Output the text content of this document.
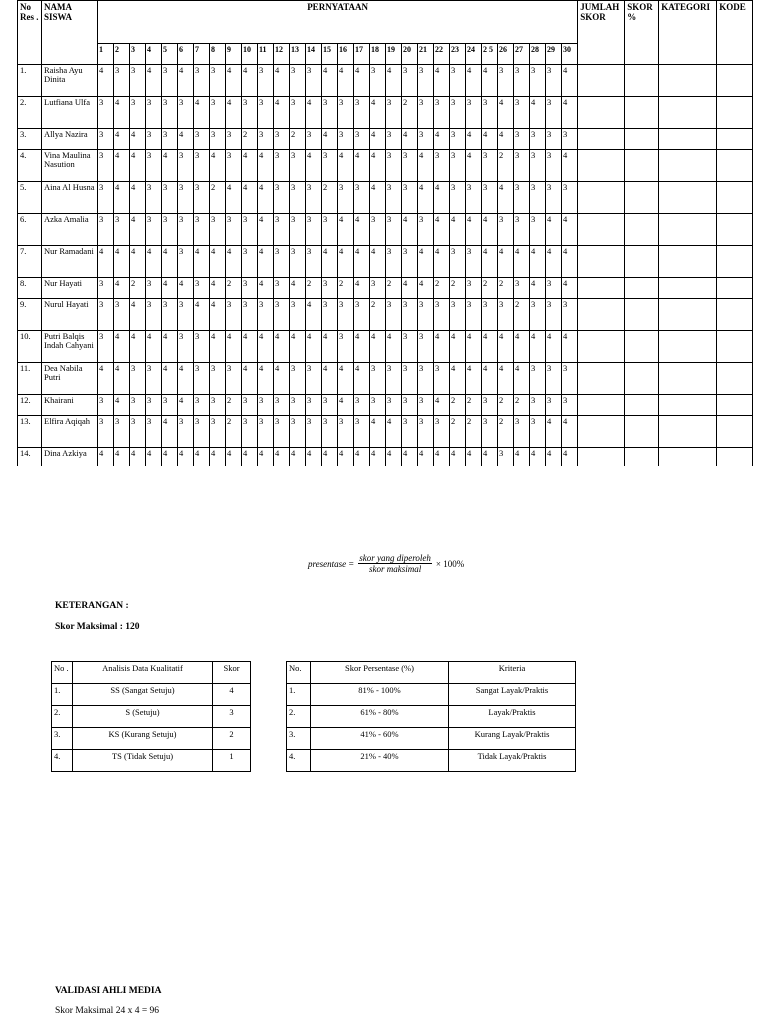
No Res .	NAMA SISWA	PERNYATAAN																														JUMLAH SKOR	SKOR %	KATEGORI	KODE
		1	2	3	4	5	6	7	8	9	10	11	12	13	14	15	16	17	18	19	20	21	22	23	24	2 5	26	27	28	29	30				
1.	Raisha Ayu Dinita	4	3	3	4	3	4	3	3	4	4	3	4	3	3	4	4	4	3	4	3	3	4	3	4	4	3	3	3	3	4				
2.	Lutfiana Ulfa	3	4	3	3	3	3	4	3	4	3	3	4	3	4	3	3	3	4	3	2	3	3	3	3	3	4	3	4	3	4				
3.	Allya Nazira	3	4	4	3	3	4	3	3	3	2	3	3	2	3	4	3	3	4	3	4	3	4	3	4	4	4	3	3	3	3				
4.	Vina Maulina Nasution	3	4	4	3	4	3	3	4	3	4	4	3	3	4	3	4	4	4	3	3	4	3	3	4	3	2	3	3	3	4				
5.	Aina Al Husna	3	4	4	3	3	3	3	2	4	4	4	3	3	3	2	3	3	4	3	3	4	4	3	3	3	4	3	3	3	3				
6.	Azka Amalia	3	3	4	3	3	3	3	3	3	3	4	3	3	3	3	4	4	3	3	4	3	4	4	4	4	3	3	3	4	4				
7.	Nur Ramadani	4	4	4	4	4	3	4	4	4	3	4	3	3	3	4	4	4	4	3	3	4	4	3	3	4	4	4	4	4	4				
8.	Nur Hayati	3	4	2	3	4	4	3	4	2	3	4	3	4	2	3	2	4	3	2	4	4	2	2	3	2	2	3	4	3	4				
9.	Nurul Hayati	3	3	4	3	3	3	4	4	3	3	3	3	3	4	3	3	3	2	3	3	3	3	3	3	3	3	2	3	3	3				
10.	Putri Balqis Indah Cahyani	3	4	4	4	4	3	3	4	4	4	4	4	4	4	4	3	4	4	4	3	3	4	4	4	4	4	4	4	4	4				
11.	Dea Nabila Putri	4	4	3	3	4	4	3	3	3	4	4	4	3	3	4	4	4	3	3	3	3	3	4	4	4	4	4	3	3	3				
12.	Khairani	3	4	3	3	3	4	3	3	2	3	3	3	3	3	3	4	3	3	3	3	3	4	2	2	3	2	2	3	3	3				
13.	Elfira Aqiqah	3	3	3	3	4	3	3	3	2	3	3	3	3	3	3	3	3	4	4	3	3	3	2	2	3	2	3	3	4	4				
14.	Dina Azkiya	4	4	4	4	4	4	4	4	4	4	4	4	4	4	4	4	4	4	4	4	4	4	4	4	4	3	4	4	4	4				
presentase = $\frac{\text{skor yang diperoleh}}{\text{skor maksimal}} \times 100\%$
KETERANGAN :
Skor Maksimal : 120
No .	Analisis Data Kualitatif	Skor
1.	SS (Sangat Setuju)	4
2.	S (Setuju)	3
3.	KS (Kurang Setuju)	2
4.	TS (Tidak Setuju)	1
No.	Skor Persentase (%)	Kriteria
1.	81% - 100%	Sangat Layak/Praktis
2.	61% - 80%	Layak/Praktis
3.	41% - 60%	Kurang Layak/Praktis
4.	21% - 40%	Tidak Layak/Praktis
VALIDASI AHLI MEDIA
Skor Maksimal 24 x 4 = 96
